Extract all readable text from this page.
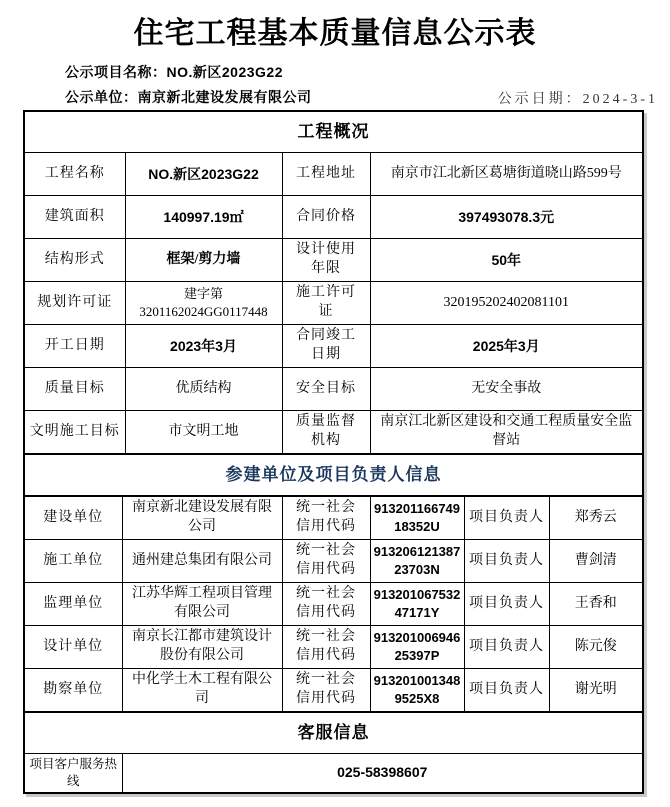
住宅工程基本质量信息公示表
公示项目名称：NO.新区2023G22
公示单位：南京新北建设发展有限公司	公示日期：2024-3-1
工程概况			
工程名称	NO.新区2023G22	工程地址	南京市江北新区葛塘街道晓山路599号
建筑面积	140997.19㎡	合同价格	397493078.3元
结构形式	框架/剪力墙	设计使用年限	50年
规划许可证	建字第3201162024GG0117448	施工许可证	320195202402081101
开工日期	2023年3月	合同竣工日期	2025年3月
质量目标	优质结构	安全目标	无安全事故
文明施工目标	市文明工地	质量监督机构	南京江北新区建设和交通工程质量安全监督站
参建单位及项目负责人信息					
建设单位	南京新北建设发展有限公司	统一社会信用代码	91320116674918352U	项目负责人	郑秀云
施工单位	通州建总集团有限公司	统一社会信用代码	91320612138723703N	项目负责人	曹剑清
监理单位	江苏华辉工程项目管理有限公司	统一社会信用代码	91320106753247171Y	项目负责人	王香和
设计单位	南京长江都市建筑设计股份有限公司	统一社会信用代码	91320100694625397P	项目负责人	陈元俊
勘察单位	中化学土木工程有限公司	统一社会信用代码	9132010013489525X8	项目负责人	谢光明
客服信息
项目客户服务热线	025-58398607
